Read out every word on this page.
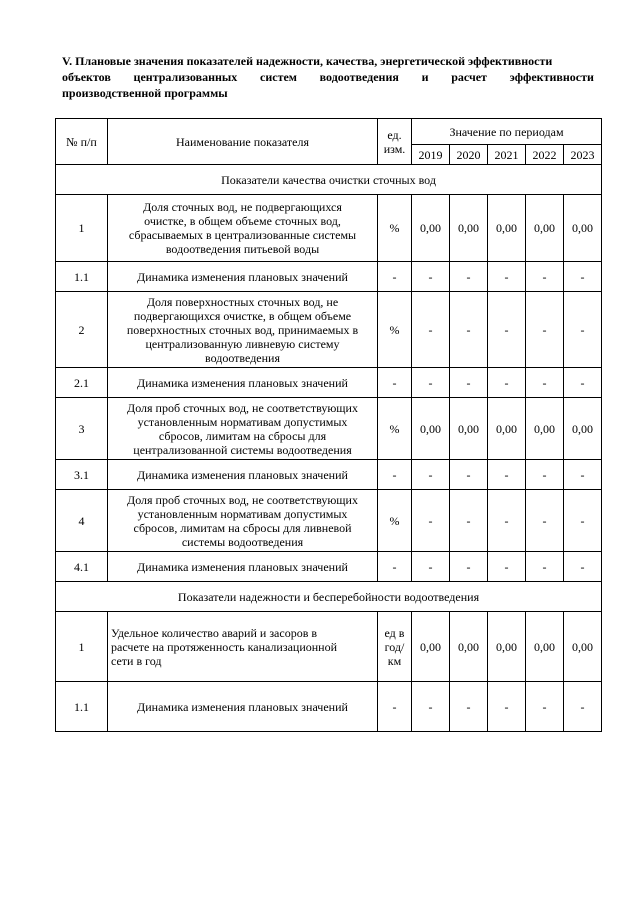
V. Плановые значения показателей надежности, качества, энергетической эффективности
объектов централизованных систем водоотведения и расчет эффективности
производственной программы
№ п/п	Наименование показателя	ед.
изм.	Значение по периодам				
			2019	2020	2021	2022	2023
Показатели качества очистки сточных вод							
1	Доля сточных вод, не подвергающихся
очистке, в общем объеме сточных вод,
сбрасываемых в централизованные системы
водоотведения питьевой воды	%	0,00	0,00	0,00	0,00	0,00
1.1	Динамика изменения плановых значений	-	-	-	-	-	-
2	Доля поверхностных сточных вод, не
подвергающихся очистке, в общем объеме
поверхностных сточных вод, принимаемых в
централизованную ливневую систему
водоотведения	%	-	-	-	-	-
2.1	Динамика изменения плановых значений	-	-	-	-	-	-
3	Доля проб сточных вод, не соответствующих
установленным нормативам допустимых
сбросов, лимитам на сбросы для
централизованной системы водоотведения	%	0,00	0,00	0,00	0,00	0,00
3.1	Динамика изменения плановых значений	-	-	-	-	-	-
4	Доля проб сточных вод, не соответствующих
установленным нормативам допустимых
сбросов, лимитам на сбросы для ливневой
системы водоотведения	%	-	-	-	-	-
4.1	Динамика изменения плановых значений	-	-	-	-	-	-
Показатели надежности и бесперебойности водоотведения							
1	Удельное количество аварий и засоров в
расчете на протяженность канализационной
сети в год	ед в
год/
км	0,00	0,00	0,00	0,00	0,00
1.1	Динамика изменения плановых значений	-	-	-	-	-	-
